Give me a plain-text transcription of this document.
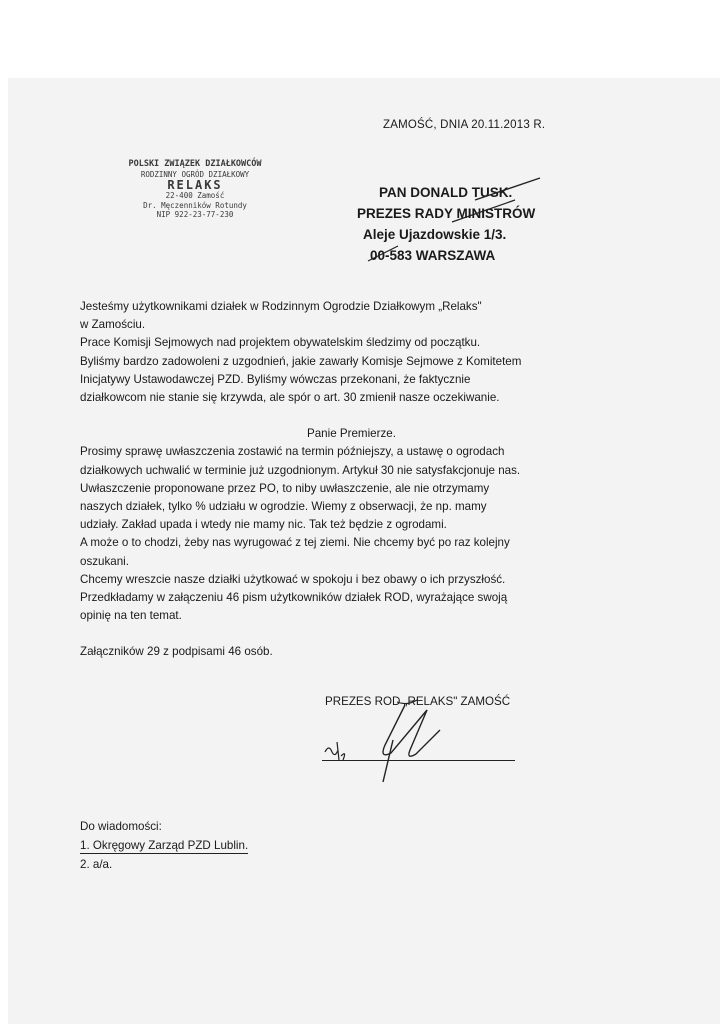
ZAMOŚĆ, DNIA 20.11.2013 R.
POLSKI ZWIĄZEK DZIAŁKOWCÓW
RODZINNY OGRÓD DZIAŁKOWY
RELAKS
22-400 Zamość
Dr. Męczenników Rotundy
NIP 922-23-77-230
PAN DONALD TUSK.
PREZES RADY MINISTRÓW
Aleje Ujazdowskie 1/3.
00-583 WARSZAWA

Jesteśmy użytkownikami działek w Rodzinnym Ogrodzie Działkowym „Relaks"

w Zamościu.

Prace Komisji Sejmowych nad projektem obywatelskim śledzimy od początku.

Byliśmy bardzo zadowoleni z uzgodnień, jakie zawarły Komisje Sejmowe z Komitetem

Inicjatywy Ustawodawczej PZD. Byliśmy wówczas przekonani, że faktycznie

działkowcom nie stanie się krzywda, ale spór o art. 30 zmienił nasze oczekiwanie.

Panie Premierze.

Prosimy sprawę uwłaszczenia zostawić na termin późniejszy, a ustawę o ogrodach

działkowych uchwalić w terminie już uzgodnionym. Artykuł 30 nie satysfakcjonuje nas.

Uwłaszczenie proponowane przez PO, to niby uwłaszczenie, ale nie otrzymamy

naszych działek, tylko % udziału w ogrodzie. Wiemy z obserwacji, że np. mamy

udziały. Zakład upada i wtedy nie mamy nic. Tak też będzie z ogrodami.

A może o to chodzi, żeby nas wyrugować z tej ziemi. Nie chcemy być po raz kolejny

oszukani.

Chcemy wreszcie nasze działki użytkować w spokoju i bez obawy o ich przyszłość.

Przedkładamy w załączeniu 46 pism użytkowników działek ROD, wyrażające swoją

opinię na ten temat.

Załączników 29 z podpisami 46 osób.

PREZES ROD „RELAKS" ZAMOŚĆ
Do wiadomości:
1. Okręgowy Zarząd PZD Lublin.
2. a/a.
